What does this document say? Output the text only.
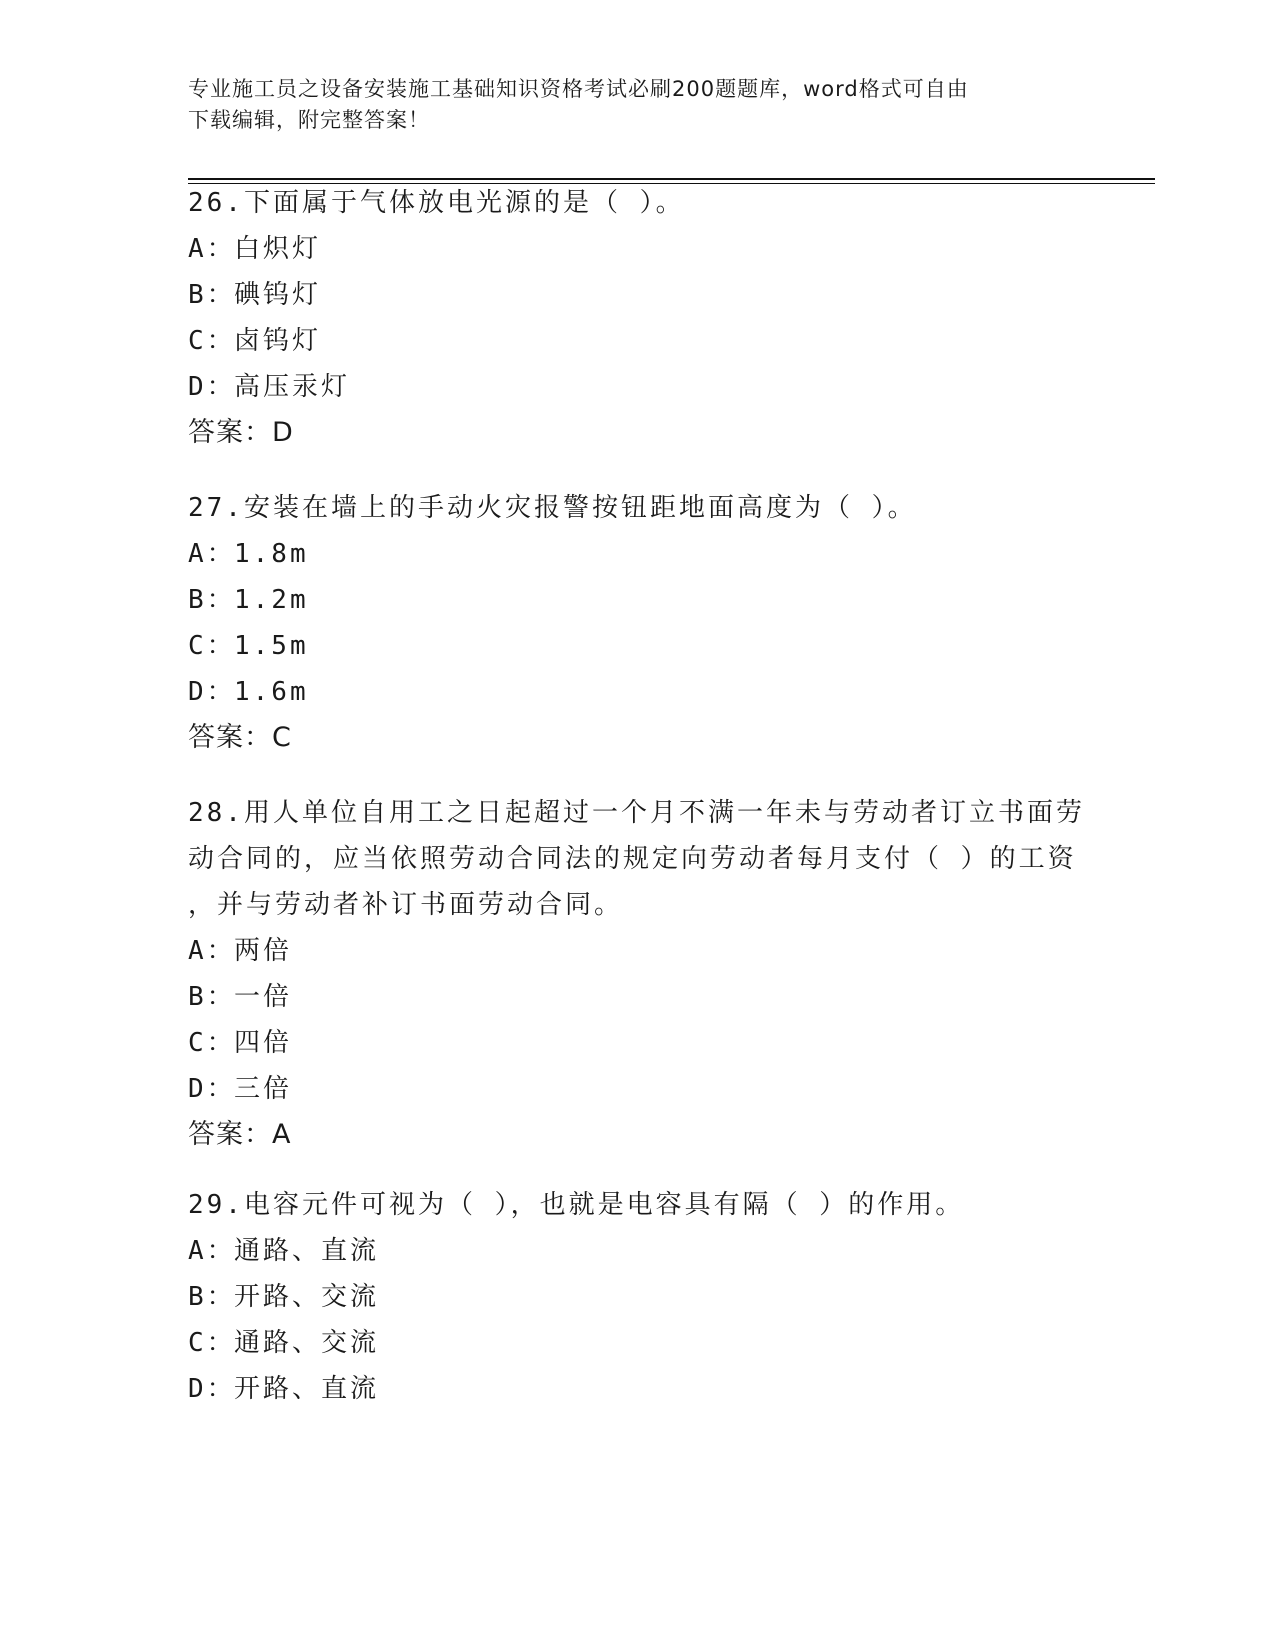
专业施工员之设备安装施工基础知识资格考试必刷200题题库，word格式可自由
下载编辑，附完整答案！
26.下面属于气体放电光源的是（ ）。
A：白炽灯
B：碘钨灯
C：卤钨灯
D：高压汞灯
答案：D
27.安装在墙上的手动火灾报警按钮距地面高度为（ ）。
A：1.8m
B：1.2m
C：1.5m
D：1.6m
答案：C
28.用人单位自用工之日起超过一个月不满一年未与劳动者订立书面劳
动合同的，应当依照劳动合同法的规定向劳动者每月支付（ ）的工资
，并与劳动者补订书面劳动合同。
A：两倍
B：一倍
C：四倍
D：三倍
答案：A
29.电容元件可视为（ ），也就是电容具有隔（ ）的作用。
A：通路、直流
B：开路、交流
C：通路、交流
D：开路、直流
